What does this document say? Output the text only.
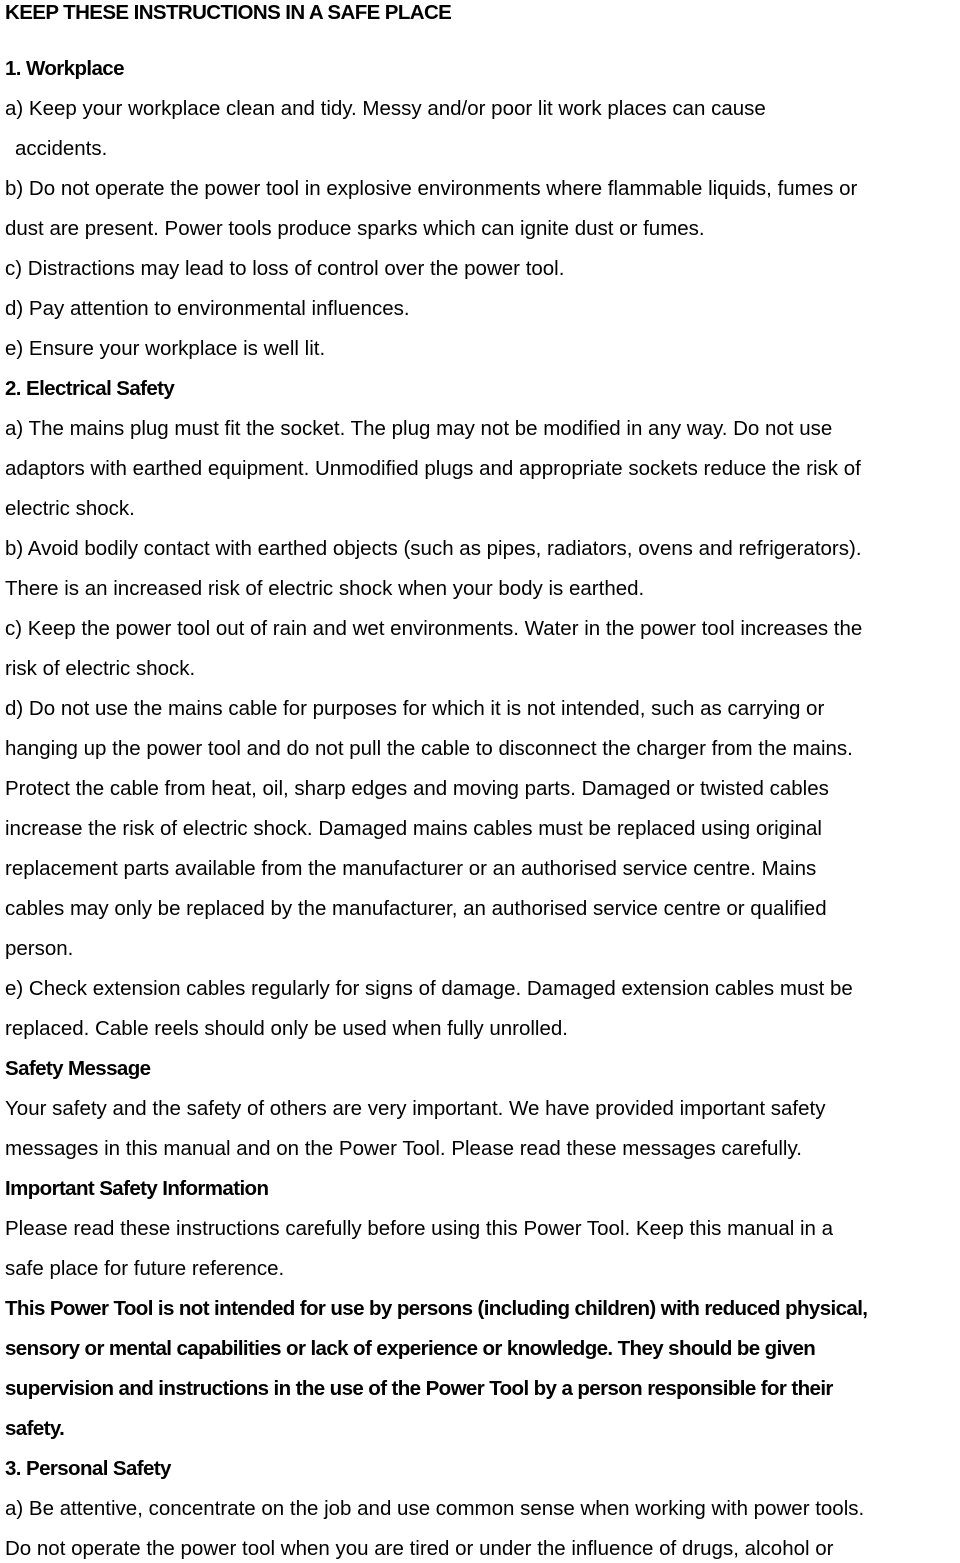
KEEP THESE INSTRUCTIONS IN A SAFE PLACE
1. Workplace
a) Keep your workplace clean and tidy. Messy and/or poor lit work places can cause
accidents.
b) Do not operate the power tool in explosive environments where flammable liquids, fumes or
dust are present. Power tools produce sparks which can ignite dust or fumes.
c) Distractions may lead to loss of control over the power tool.
d) Pay attention to environmental influences.
e) Ensure your workplace is well lit.
2. Electrical Safety
a) The mains plug must fit the socket. The plug may not be modified in any way. Do not use
adaptors with earthed equipment. Unmodified plugs and appropriate sockets reduce the risk of
electric shock.
b) Avoid bodily contact with earthed objects (such as pipes, radiators, ovens and refrigerators).
There is an increased risk of electric shock when your body is earthed.
c) Keep the power tool out of rain and wet environments. Water in the power tool increases the
risk of electric shock.
d) Do not use the mains cable for purposes for which it is not intended, such as carrying or
hanging up the power tool and do not pull the cable to disconnect the charger from the mains.
Protect the cable from heat, oil, sharp edges and moving parts. Damaged or twisted cables
increase the risk of electric shock. Damaged mains cables must be replaced using original
replacement parts available from the manufacturer or an authorised service centre. Mains
cables may only be replaced by the manufacturer, an authorised service centre or qualified
person.
e) Check extension cables regularly for signs of damage. Damaged extension cables must be
replaced. Cable reels should only be used when fully unrolled.
Safety Message
Your safety and the safety of others are very important. We have provided important safety
messages in this manual and on the Power Tool. Please read these messages carefully.
Important Safety Information
Please read these instructions carefully before using this Power Tool. Keep this manual in a
safe place for future reference.
This Power Tool is not intended for use by persons (including children) with reduced physical,
sensory or mental capabilities or lack of experience or knowledge. They should be given
supervision and instructions in the use of the Power Tool by a person responsible for their
safety.
3. Personal Safety
a) Be attentive, concentrate on the job and use common sense when working with power tools.
Do not operate the power tool when you are tired or under the influence of drugs, alcohol or
